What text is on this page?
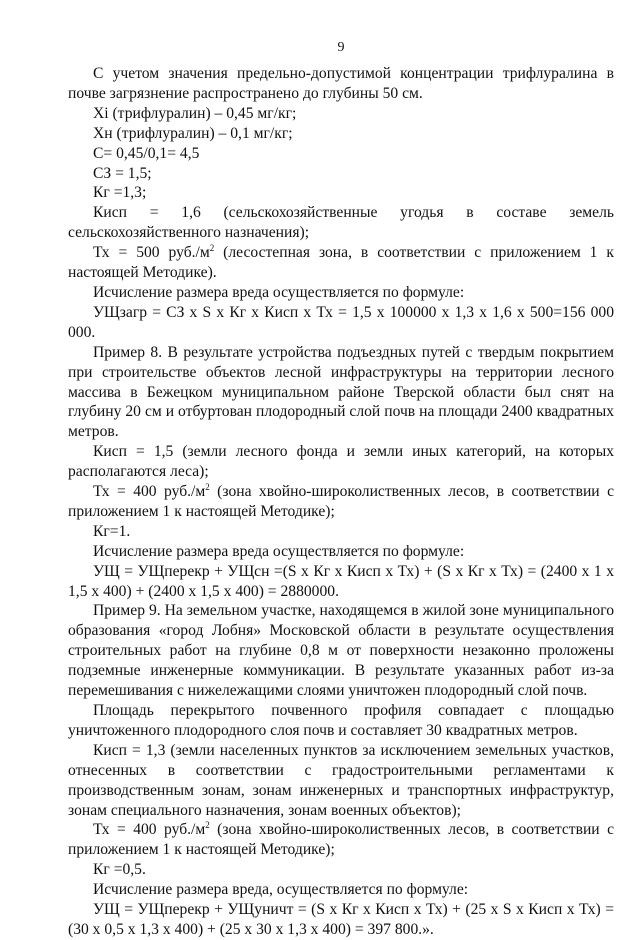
9

С учетом значения предельно-допустимой концентрации трифлуралина в почве загрязнение распространено до глубины 50 см.

Xi (трифлуралин) – 0,45 мг/кг;

Xн (трифлуралин) – 0,1 мг/кг;

С= 0,45/0,1= 4,5

СЗ = 1,5;

Кг =1,3;

Кисп = 1,6 (сельскохозяйственные угодья в составе земель сельскохозяйственного назначения);

Тх = 500 $руб./м^2$ (лесостепная зона, в соответствии с приложением 1 к настоящей Методике).

Исчисление размера вреда осуществляется по формуле:

УЩзагр = СЗ x S x Кг x Кисп x Тх = 1,5 x 100000 x 1,3 x 1,6 x 500=156 000 000.

Пример 8. В результате устройства подъездных путей с твердым покрытием при строительстве объектов лесной инфраструктуры на территории лесного массива в Бежецком муниципальном районе Тверской области был снят на глубину 20 см и отбуртован плодородный слой почв на площади 2400 квадратных метров.

Кисп = 1,5 (земли лесного фонда и земли иных категорий, на которых располагаются леса);

Тх = 400 $руб./м^2$ (зона хвойно-широколиственных лесов, в соответствии с приложением 1 к настоящей Методике);

Кг=1.

Исчисление размера вреда осуществляется по формуле:

УЩ = УЩперекр + УЩсн =(S x Кг x Кисп x Тх) + (S x Кг x Тх) = (2400 x 1 x 1,5 x 400) + (2400 x 1,5 x 400) = 2880000.

Пример 9. На земельном участке, находящемся в жилой зоне муниципального образования «город Лобня» Московской области в результате осуществления строительных работ на глубине 0,8 м от поверхности незаконно проложены подземные инженерные коммуникации. В результате указанных работ из-за перемешивания с нижележащими слоями уничтожен плодородный слой почв.

Площадь перекрытого почвенного профиля совпадает с площадью уничтоженного плодородного слоя почв и составляет 30 квадратных метров.

Кисп = 1,3 (земли населенных пунктов за исключением земельных участков, отнесенных в соответствии с градостроительными регламентами к производственным зонам, зонам инженерных и транспортных инфраструктур, зонам специального назначения, зонам военных объектов);

Тх = 400 $руб./м^2$ (зона хвойно-широколиственных лесов, в соответствии с приложением 1 к настоящей Методике);

Кг =0,5.

Исчисление размера вреда, осуществляется по формуле:

УЩ = УЩперекр + УЩуничт = (S x Кг x Кисп x Тх) + (25 x S x Кисп x Тх) = (30 x 0,5 x 1,3 x 400) + (25 x 30 x 1,3 x 400) = 397 800.».
